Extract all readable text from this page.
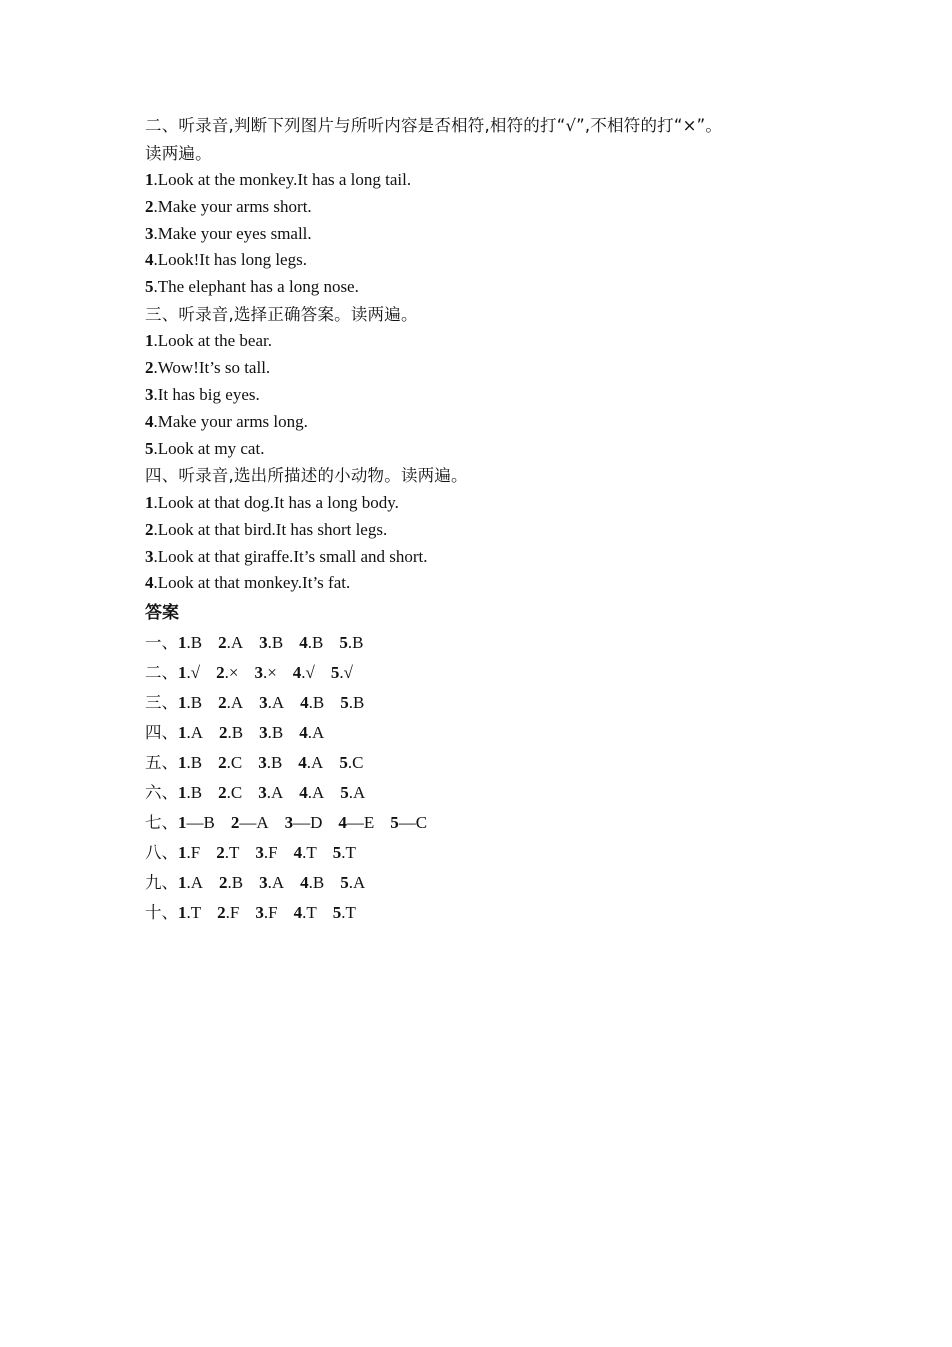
二、听录音,判断下列图片与所听内容是否相符,相符的打“√”,不相符的打“×”。
读两遍。
1.Look at the monkey.It has a long tail.
2.Make your arms short.
3.Make your eyes small.
4.Look!It has long legs.
5.The elephant has a long nose.
三、听录音,选择正确答案。读两遍。
1.Look at the bear.
2.Wow!It’s so tall.
3.It has big eyes.
4.Make your arms long.
5.Look at my cat.
四、听录音,选出所描述的小动物。读两遍。
1.Look at that dog.It has a long body.
2.Look at that bird.It has short legs.
3.Look at that giraffe.It’s small and short.
4.Look at that monkey.It’s fat.
答案
一、1.B 2.A 3.B 4.B 5.B
二、1.√ 2.× 3.× 4.√ 5.√
三、1.B 2.A 3.A 4.B 5.B
四、1.A 2.B 3.B 4.A
五、1.B 2.C 3.B 4.A 5.C
六、1.B 2.C 3.A 4.A 5.A
七、1—B 2—A 3—D 4—E 5—C
八、1.F 2.T 3.F 4.T 5.T
九、1.A 2.B 3.A 4.B 5.A
十、1.T 2.F 3.F 4.T 5.T
